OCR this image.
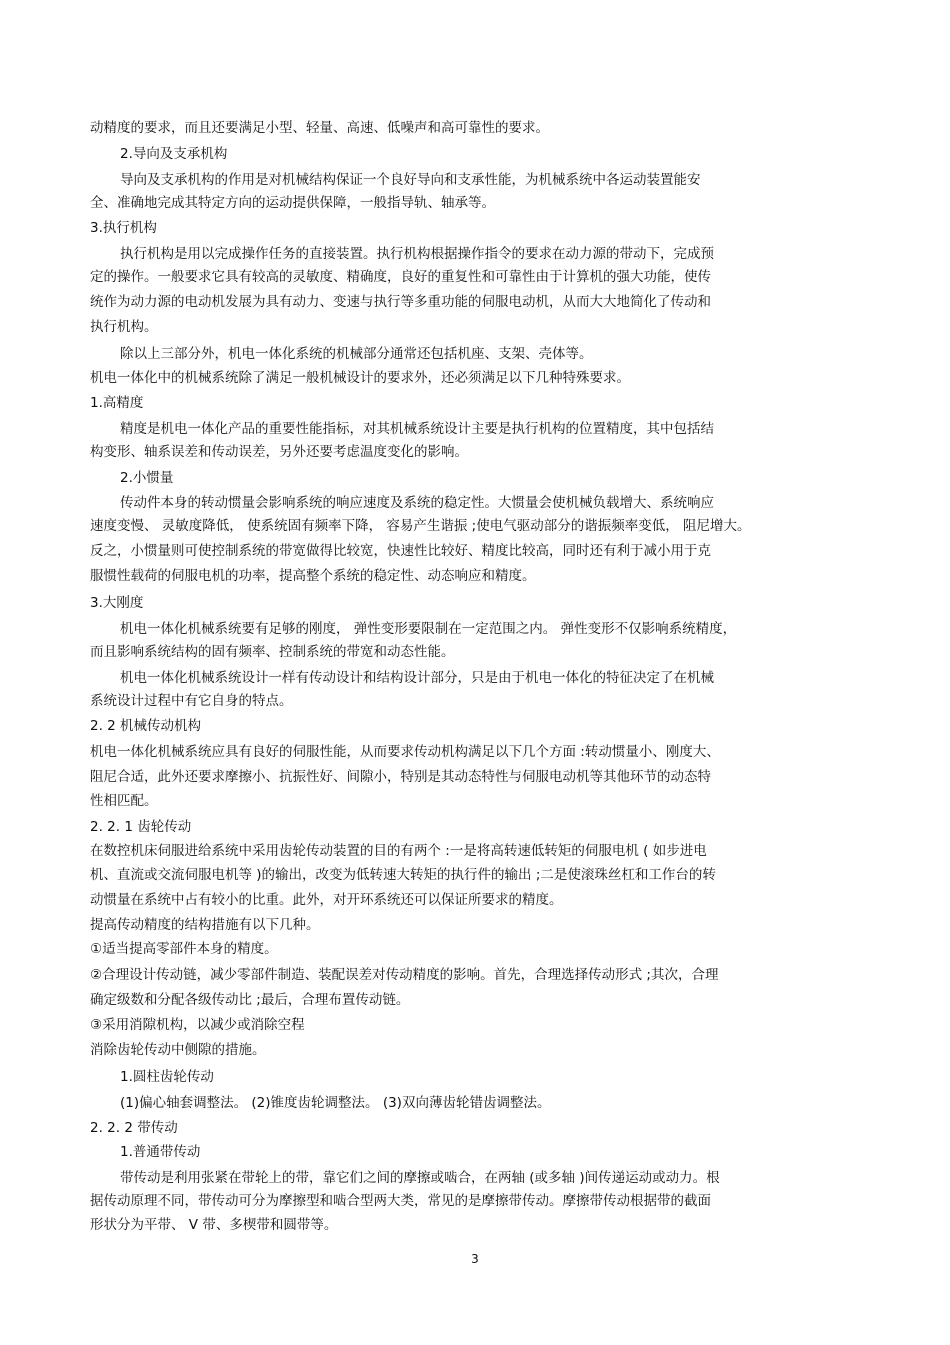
动精度的要求，而且还要满足小型、轻量、高速、低噪声和高可靠性的要求。
2.导向及支承机构
导向及支承机构的作用是对机械结构保证一个良好导向和支承性能，为机械系统中各运动装置能安
全、准确地完成其特定方向的运动提供保障，一般指导轨、轴承等。
3.执行机构
执行机构是用以完成操作任务的直接装置。执行机构根据操作指令的要求在动力源的带动下，完成预
定的操作。一般要求它具有较高的灵敏度、精确度，良好的重复性和可靠性由于计算机的强大功能，使传
统作为动力源的电动机发展为具有动力、变速与执行等多重功能的伺服电动机，从而大大地简化了传动和
执行机构。
除以上三部分外，机电一体化系统的机械部分通常还包括机座、支架、壳体等。
机电一体化中的机械系统除了满足一般机械设计的要求外，还必须满足以下几种特殊要求。
1.高精度
精度是机电一体化产品的重要性能指标，对其机械系统设计主要是执行机构的位置精度，其中包括结
构变形、轴系误差和传动误差，另外还要考虑温度变化的影响。
2.小惯量
传动件本身的转动惯量会影响系统的响应速度及系统的稳定性。大惯量会使机械负载增大、系统响应
速度变慢、 灵敏度降低， 使系统固有频率下降， 容易产生谐振 ;使电气驱动部分的谐振频率变低， 阻尼增大。
反之，小惯量则可使控制系统的带宽做得比较宽，快速性比较好、精度比较高，同时还有利于减小用于克
服惯性载荷的伺服电机的功率，提高整个系统的稳定性、动态响应和精度。
3.大刚度
机电一体化机械系统要有足够的刚度， 弹性变形要限制在一定范围之内。 弹性变形不仅影响系统精度，
而且影响系统结构的固有频率、控制系统的带宽和动态性能。
机电一体化机械系统设计一样有传动设计和结构设计部分，只是由于机电一体化的特征决定了在机械
系统设计过程中有它自身的特点。
2. 2 机械传动机构
机电一体化机械系统应具有良好的伺服性能，从而要求传动机构满足以下几个方面 :转动惯量小、刚度大、
阻尼合适，此外还要求摩擦小、抗振性好、间隙小，特别是其动态特性与伺服电动机等其他环节的动态特
性相匹配。
2. 2. 1 齿轮传动
在数控机床伺服进给系统中采用齿轮传动装置的目的有两个 :一是将高转速低转矩的伺服电机 ( 如步进电
机、直流或交流伺服电机等 )的输出，改变为低转速大转矩的执行件的输出 ;二是使滚珠丝杠和工作台的转
动惯量在系统中占有较小的比重。此外，对开环系统还可以保证所要求的精度。
提高传动精度的结构措施有以下几种。
①适当提高零部件本身的精度。
②合理设计传动链，减少零部件制造、装配误差对传动精度的影响。首先，合理选择传动形式 ;其次，合理
确定级数和分配各级传动比 ;最后，合理布置传动链。
③采用消隙机构，以减少或消除空程
消除齿轮传动中侧隙的措施。
1.圆柱齿轮传动
(1)偏心轴套调整法。 (2)锥度齿轮调整法。 (3)双向薄齿轮错齿调整法。
2. 2. 2 带传动
1.普通带传动
带传动是利用张紧在带轮上的带，靠它们之间的摩擦或啮合，在两轴 (或多轴 )间传递运动或动力。根
据传动原理不同，带传动可分为摩擦型和啮合型两大类，常见的是摩擦带传动。摩擦带传动根据带的截面
形状分为平带、 V 带、多楔带和圆带等。
3
